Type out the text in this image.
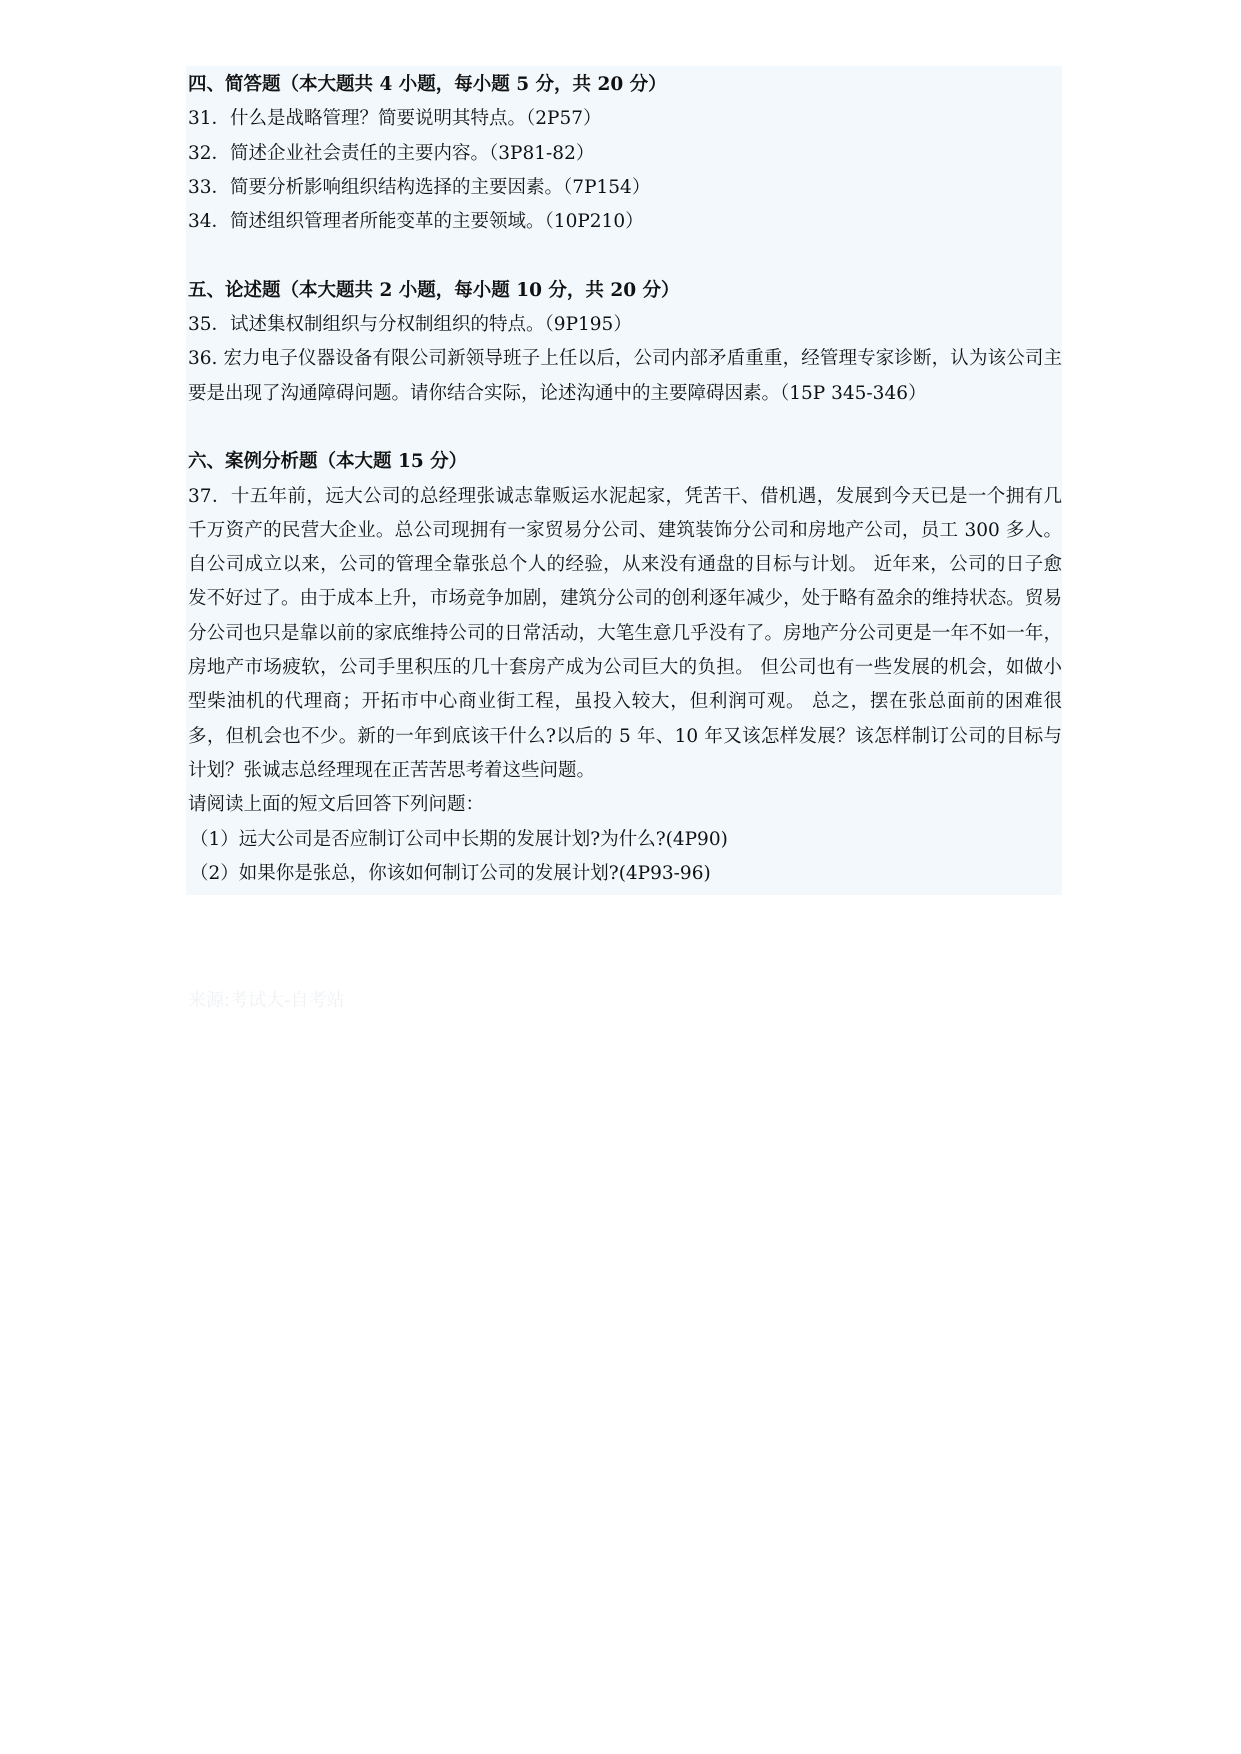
四、简答题（本大题共 4 小题，每小题 5 分，共 20 分）
31．什么是战略管理？简要说明其特点。（2P57）
32．简述企业社会责任的主要内容。（3P81-82）
33．简要分析影响组织结构选择的主要因素。（7P154）
34．简述组织管理者所能变革的主要领域。（10P210）
五、论述题（本大题共 2 小题，每小题 10 分，共 20 分）
35．试述集权制组织与分权制组织的特点。（9P195）

36. 宏力电子仪器设备有限公司新领导班子上任以后，公司内部矛盾重重，经管理专家诊断，认为该公司主要是出现了沟通障碍问题。请你结合实际，论述沟通中的主要障碍因素。（15P 345-346）

六、案例分析题（本大题 15 分）

37．十五年前，远大公司的总经理张诚志靠贩运水泥起家，凭苦干、借机遇，发展到今天已是一个拥有几千万资产的民营大企业。总公司现拥有一家贸易分公司、建筑装饰分公司和房地产公司，员工 300 多人。 自公司成立以来，公司的管理全靠张总个人的经验，从来没有通盘的目标与计划。 近年来，公司的日子愈发不好过了。由于成本上升，市场竞争加剧，建筑分公司的创利逐年减少，处于略有盈余的维持状态。贸易分公司也只是靠以前的家底维持公司的日常活动，大笔生意几乎没有了。房地产分公司更是一年不如一年，房地产市场疲软，公司手里积压的几十套房产成为公司巨大的负担。 但公司也有一些发展的机会，如做小型柴油机的代理商；开拓市中心商业街工程，虽投入较大，但利润可观。 总之，摆在张总面前的困难很多，但机会也不少。新的一年到底该干什么?以后的 5 年、10 年又该怎样发展？该怎样制订公司的目标与计划？张诚志总经理现在正苦苦思考着这些问题。

请阅读上面的短文后回答下列问题：
（1）远大公司是否应制订公司中长期的发展计划?为什么?(4P90)
（2）如果你是张总，你该如何制订公司的发展计划?(4P93-96)
来源:考试大-自考站
